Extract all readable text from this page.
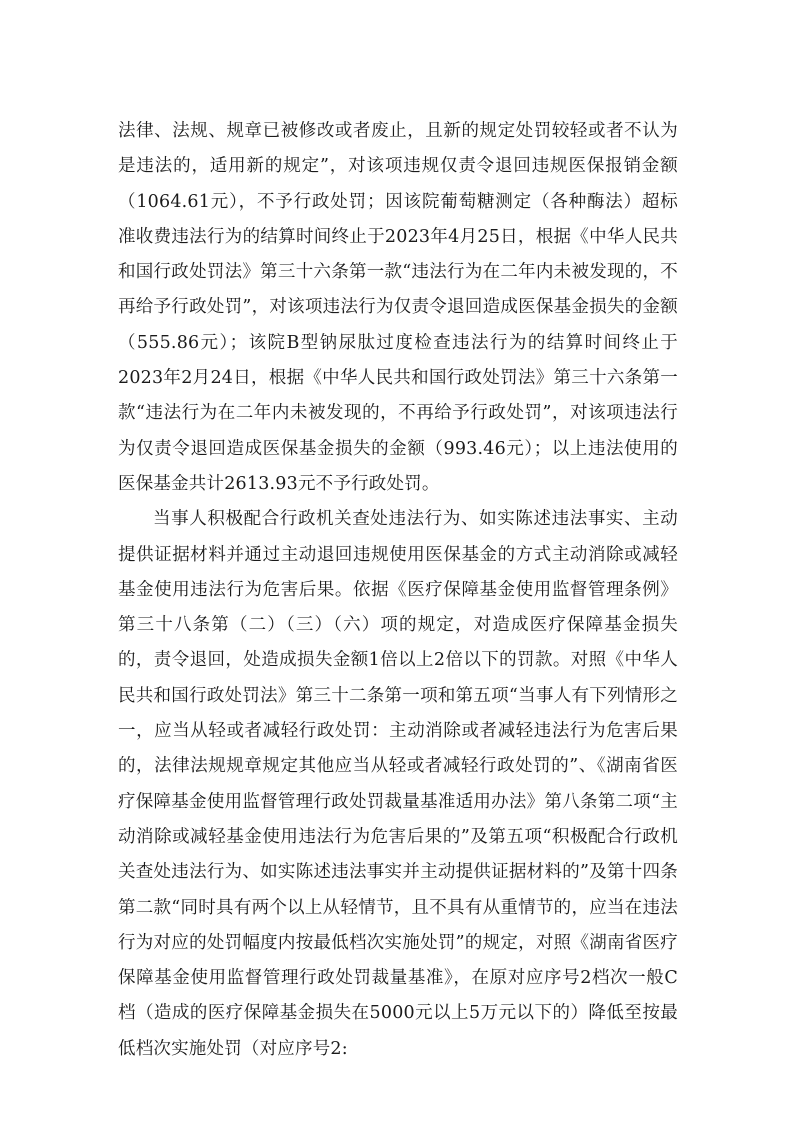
法律、法规、规章已被修改或者废止，且新的规定处罚较轻或者不认为是违法的，适用新的规定”，对该项违规仅责令退回违规医保报销金额（1064.61元），不予行政处罚；因该院葡萄糖测定（各种酶法）超标准收费违法行为的结算时间终止于2023年4月25日，根据《中华人民共和国行政处罚法》第三十六条第一款“违法行为在二年内未被发现的，不再给予行政处罚”，对该项违法行为仅责令退回造成医保基金损失的金额（555.86元）；该院B型钠尿肽过度检查违法行为的结算时间终止于2023年2月24日，根据《中华人民共和国行政处罚法》第三十六条第一款“违法行为在二年内未被发现的，不再给予行政处罚”，对该项违法行为仅责令退回造成医保基金损失的金额（993.46元）；以上违法使用的医保基金共计2613.93元不予行政处罚。

当事人积极配合行政机关查处违法行为、如实陈述违法事实、主动提供证据材料并通过主动退回违规使用医保基金的方式主动消除或减轻基金使用违法行为危害后果。依据《医疗保障基金使用监督管理条例》第三十八条第（二）（三）（六）项的规定，对造成医疗保障基金损失的，责令退回，处造成损失金额1倍以上2倍以下的罚款。对照《中华人民共和国行政处罚法》第三十二条第一项和第五项“当事人有下列情形之一，应当从轻或者减轻行政处罚：主动消除或者减轻违法行为危害后果的，法律法规规章规定其他应当从轻或者减轻行政处罚的”、《湖南省医疗保障基金使用监督管理行政处罚裁量基准适用办法》第八条第二项“主动消除或减轻基金使用违法行为危害后果的”及第五项“积极配合行政机关查处违法行为、如实陈述违法事实并主动提供证据材料的”及第十四条第二款“同时具有两个以上从轻情节，且不具有从重情节的，应当在违法行为对应的处罚幅度内按最低档次实施处罚”的规定，对照《湖南省医疗保障基金使用监督管理行政处罚裁量基准》，在原对应序号2档次一般C档（造成的医疗保障基金损失在5000元以上5万元以下的）降低至按最低档次实施处罚（对应序号2:
